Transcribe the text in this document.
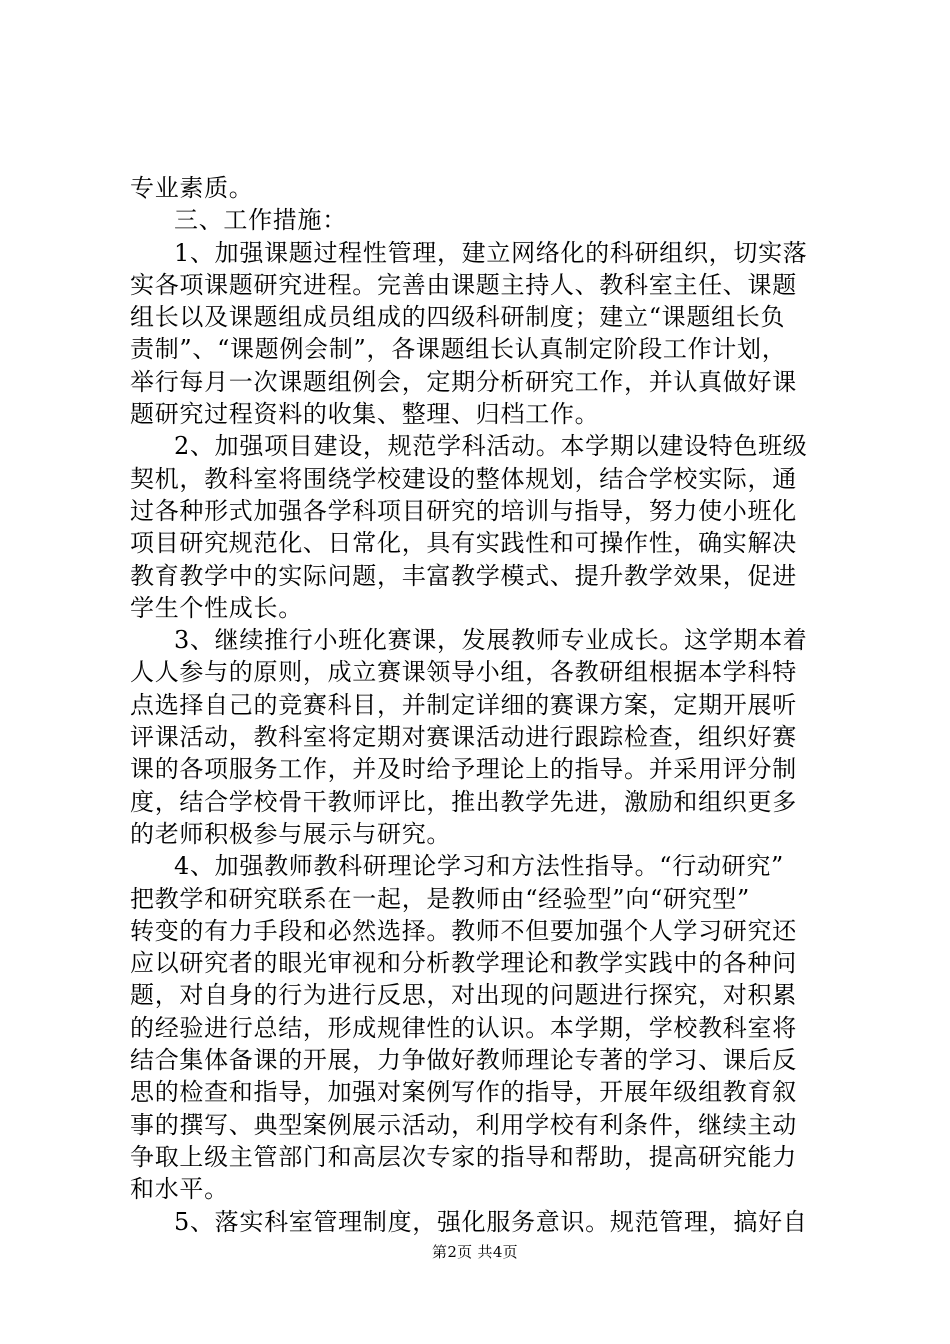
专业素质。
三、工作措施：
1、加强课题过程性管理，建立网络化的科研组织，切实落
实各项课题研究进程。完善由课题主持人、教科室主任、课题
组长以及课题组成员组成的四级科研制度；建立“课题组长负
责制”、“课题例会制”，各课题组长认真制定阶段工作计划，
举行每月一次课题组例会，定期分析研究工作，并认真做好课
题研究过程资料的收集、整理、归档工作。
2、加强项目建设，规范学科活动。本学期以建设特色班级
契机，教科室将围绕学校建设的整体规划，结合学校实际，通
过各种形式加强各学科项目研究的培训与指导，努力使小班化
项目研究规范化、日常化，具有实践性和可操作性，确实解决
教育教学中的实际问题，丰富教学模式、提升教学效果，促进
学生个性成长。
3、继续推行小班化赛课，发展教师专业成长。这学期本着
人人参与的原则，成立赛课领导小组，各教研组根据本学科特
点选择自己的竞赛科目，并制定详细的赛课方案，定期开展听
评课活动，教科室将定期对赛课活动进行跟踪检查，组织好赛
课的各项服务工作，并及时给予理论上的指导。并采用评分制
度，结合学校骨干教师评比，推出教学先进，激励和组织更多
的老师积极参与展示与研究。
4、加强教师教科研理论学习和方法性指导。“行动研究”
把教学和研究联系在一起，是教师由“经验型”向“研究型”
转变的有力手段和必然选择。教师不但要加强个人学习研究还
应以研究者的眼光审视和分析教学理论和教学实践中的各种问
题，对自身的行为进行反思，对出现的问题进行探究，对积累
的经验进行总结，形成规律性的认识。本学期，学校教科室将
结合集体备课的开展，力争做好教师理论专著的学习、课后反
思的检查和指导，加强对案例写作的指导，开展年级组教育叙
事的撰写、典型案例展示活动，利用学校有利条件，继续主动
争取上级主管部门和高层次专家的指导和帮助，提高研究能力
和水平。
5、落实科室管理制度，强化服务意识。规范管理，搞好自
第2页 共4页
